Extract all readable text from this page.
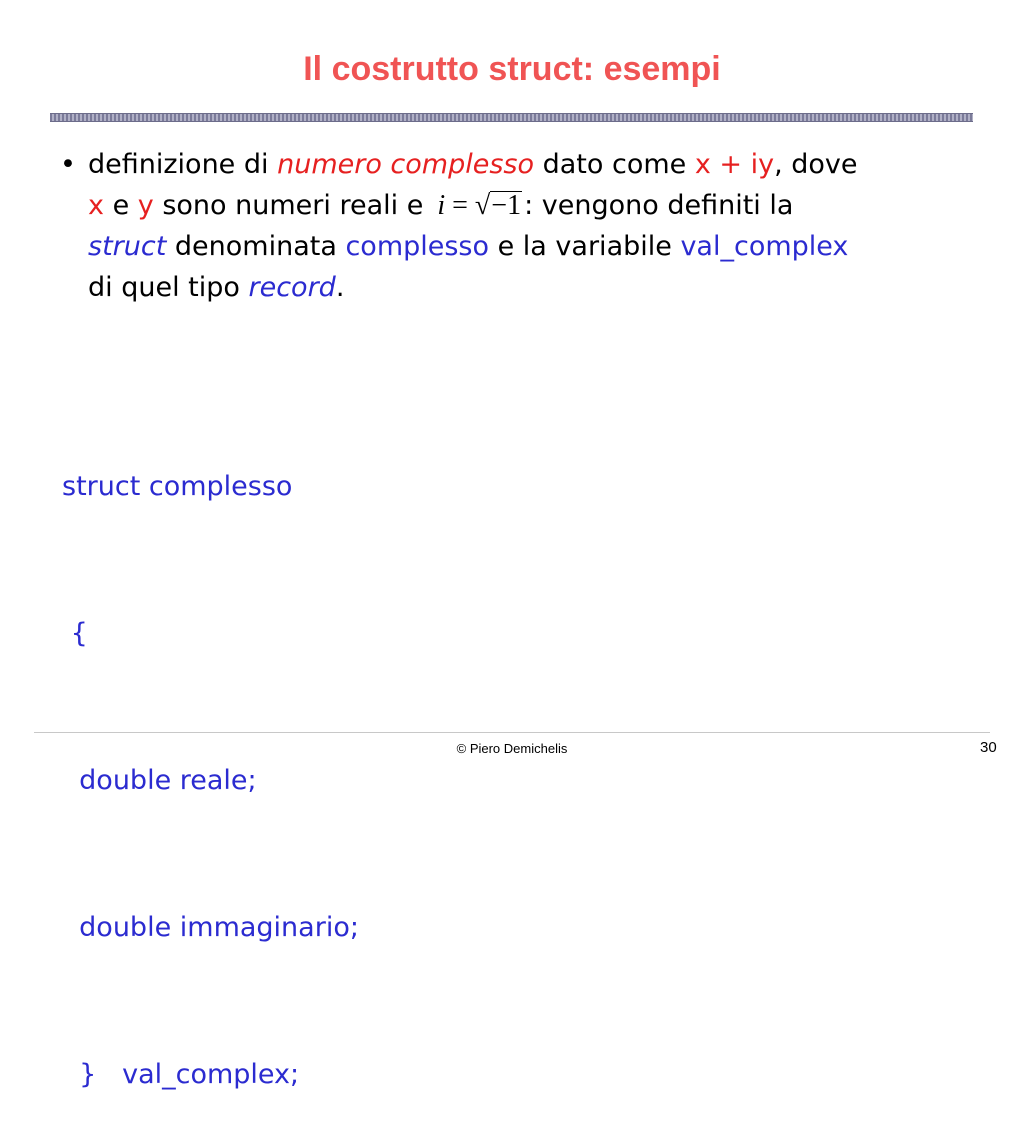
Il costrutto struct: esempi
• definizione di numero complesso dato come x + iy, dove
x e y sono numeri reali e i = √−1 : vengono definiti la
struct denominata complesso e la variabile val_complex
di quel tipo record.

struct complesso

{

double reale;

double immaginario;

}   val_complex;

© Piero Demichelis	30
